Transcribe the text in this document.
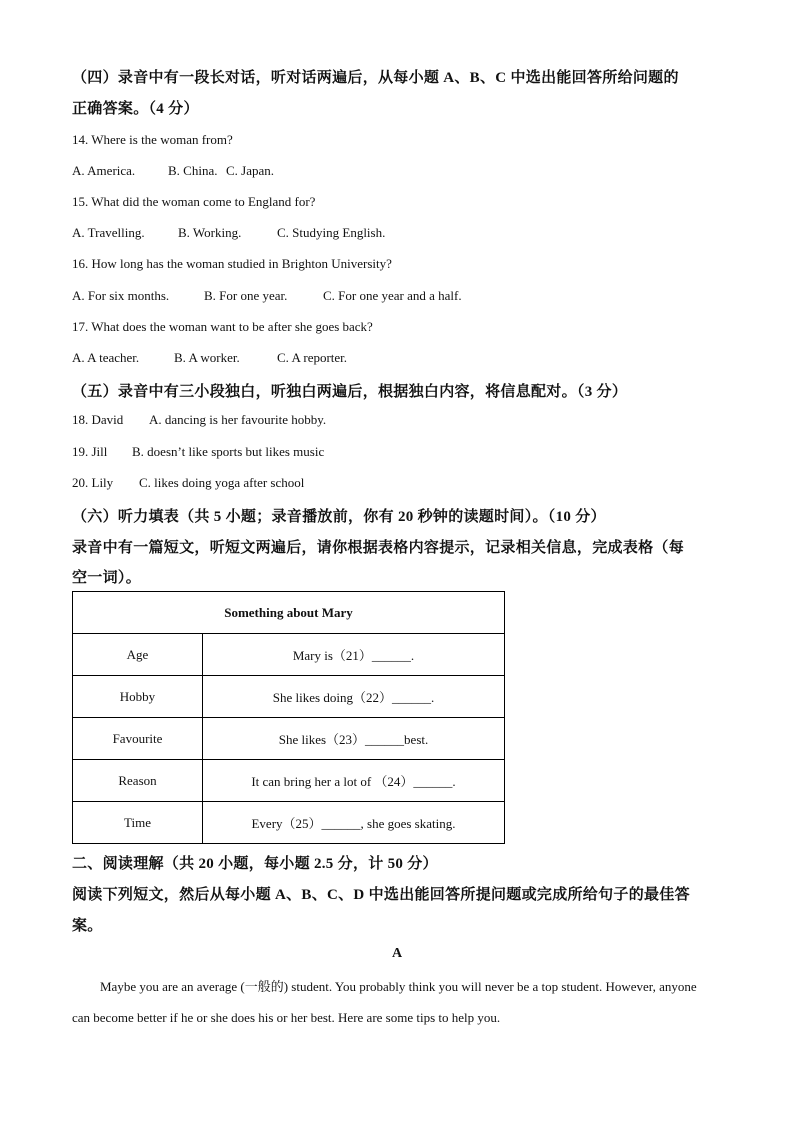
（四）录音中有一段长对话，听对话两遍后，从每小题 A、B、C 中选出能回答所给问题的
正确答案。（4 分）
14. Where is the woman from?
A. America.	B. China. C. Japan.
15. What did the woman come to England for?
A. Travelling.	B. Working.	C. Studying English.
16. How long has the woman studied in Brighton University?
A. For six months.	B. For one year.	C. For one year and a half.
17. What does the woman want to be after she goes back?
A. A teacher.	B. A worker.	C. A reporter.
（五）录音中有三小段独白，听独白两遍后，根据独白内容，将信息配对。（3 分）
18. David A. dancing is her favourite hobby.
19. Jill B. doesn’t like sports but likes music
20. Lily C. likes doing yoga after school
（六）听力填表（共 5 小题；录音播放前，你有 20 秒钟的读题时间）。（10 分）
录音中有一篇短文，听短文两遍后，请你根据表格内容提示，记录相关信息，完成表格（每
空一词）。
Something about Mary	
Age	Mary is（21）______.
Hobby	She likes doing（22）______.
Favourite	She likes（23）______best.
Reason	It can bring her a lot of （24）______.
Time	Every（25）______, she goes skating.
二、阅读理解（共 20 小题，每小题 2.5 分，计 50 分）
阅读下列短文，然后从每小题 A、B、C、D 中选出能回答所提问题或完成所给句子的最佳答
案。
A
Maybe you are an average (一般的) student. You probably think you will never be a top student. However, anyone can become better if he or she does his or her best. Here are some tips to help you.
